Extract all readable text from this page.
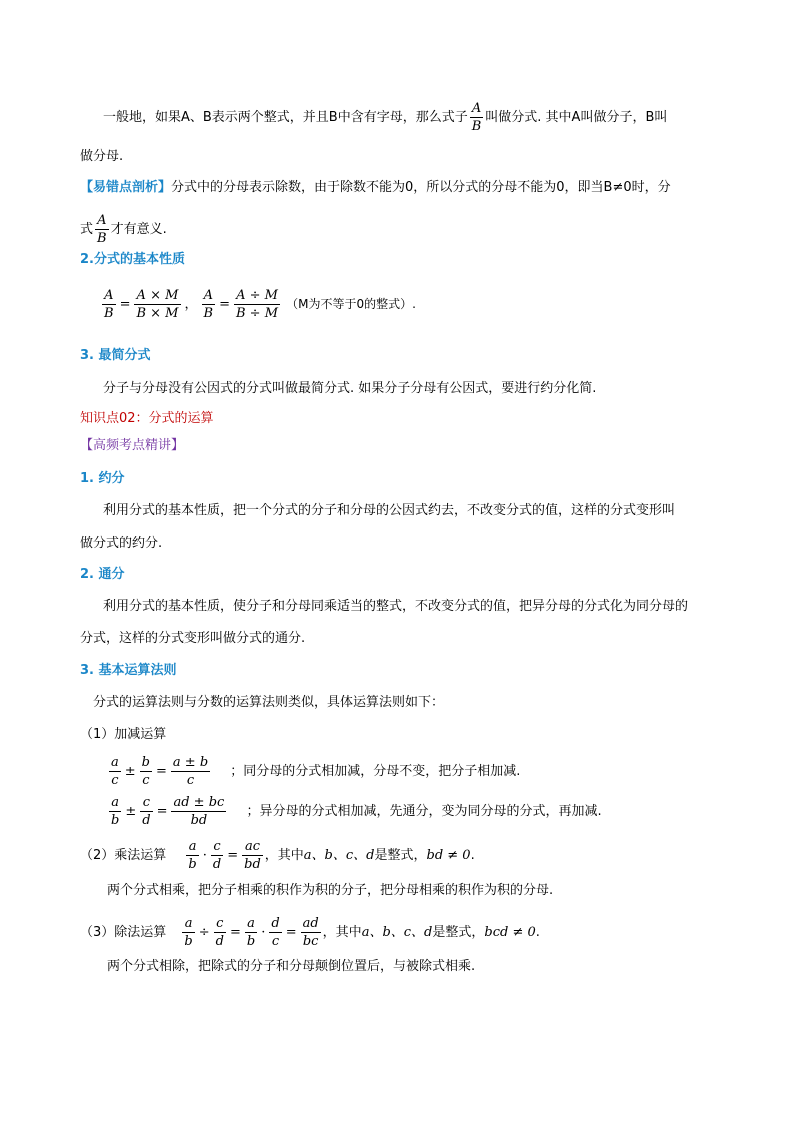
一般地，如果A、B表示两个整式，并且B中含有字母，那么式子 $\frac{A}{B}$ 叫做分式. 其中A叫做分子，B叫
做分母.
【易错点剖析】分式中的分母表示除数，由于除数不能为0，所以分式的分母不能为0，即当B≠0时，分
式 $\frac{A}{B}$ 才有意义.
2.分式的基本性质
$\frac{A}{B} = \frac{A \times M}{B \times M}$ ， $\frac{A}{B} = \frac{A \div M}{B \div M} (M$为不等于0的整式）.
3. 最简分式
分子与分母没有公因式的分式叫做最简分式. 如果分子分母有公因式，要进行约分化简.
知识点02：分式的运算
【高频考点精讲】
1. 约分
利用分式的基本性质，把一个分式的分子和分母的公因式约去，不改变分式的值，这样的分式变形叫
做分式的约分.
2. 通分
利用分式的基本性质，使分子和分母同乘适当的整式，不改变分式的值，把异分母的分式化为同分母的
分式，这样的分式变形叫做分式的通分.
3. 基本运算法则
分式的运算法则与分数的运算法则类似，具体运算法则如下：
（1）加减运算
$\frac{a}{c} \pm \frac{b}{c} = \frac{a \pm b}{c}$ ；同分母的分式相加减，分母不变，把分子相加减.
$\frac{a}{b} \pm \frac{c}{d} = \frac{ad \pm bc}{bd}$ ；异分母的分式相加减，先通分，变为同分母的分式，再加减.
（2）乘法运算 $\frac{a}{b} \cdot \frac{c}{d} = \frac{ac}{bd}$ ，其中a、b、c、d是整式，bd ≠ 0.
两个分式相乘，把分子相乘的积作为积的分子，把分母相乘的积作为积的分母.
（3）除法运算 $\frac{a}{b} \div \frac{c}{d} = \frac{a}{b} \cdot \frac{d}{c} = \frac{ad}{bc}$ ，其中a、b、c、d是整式，bcd ≠ 0.
两个分式相除，把除式的分子和分母颠倒位置后，与被除式相乘.
